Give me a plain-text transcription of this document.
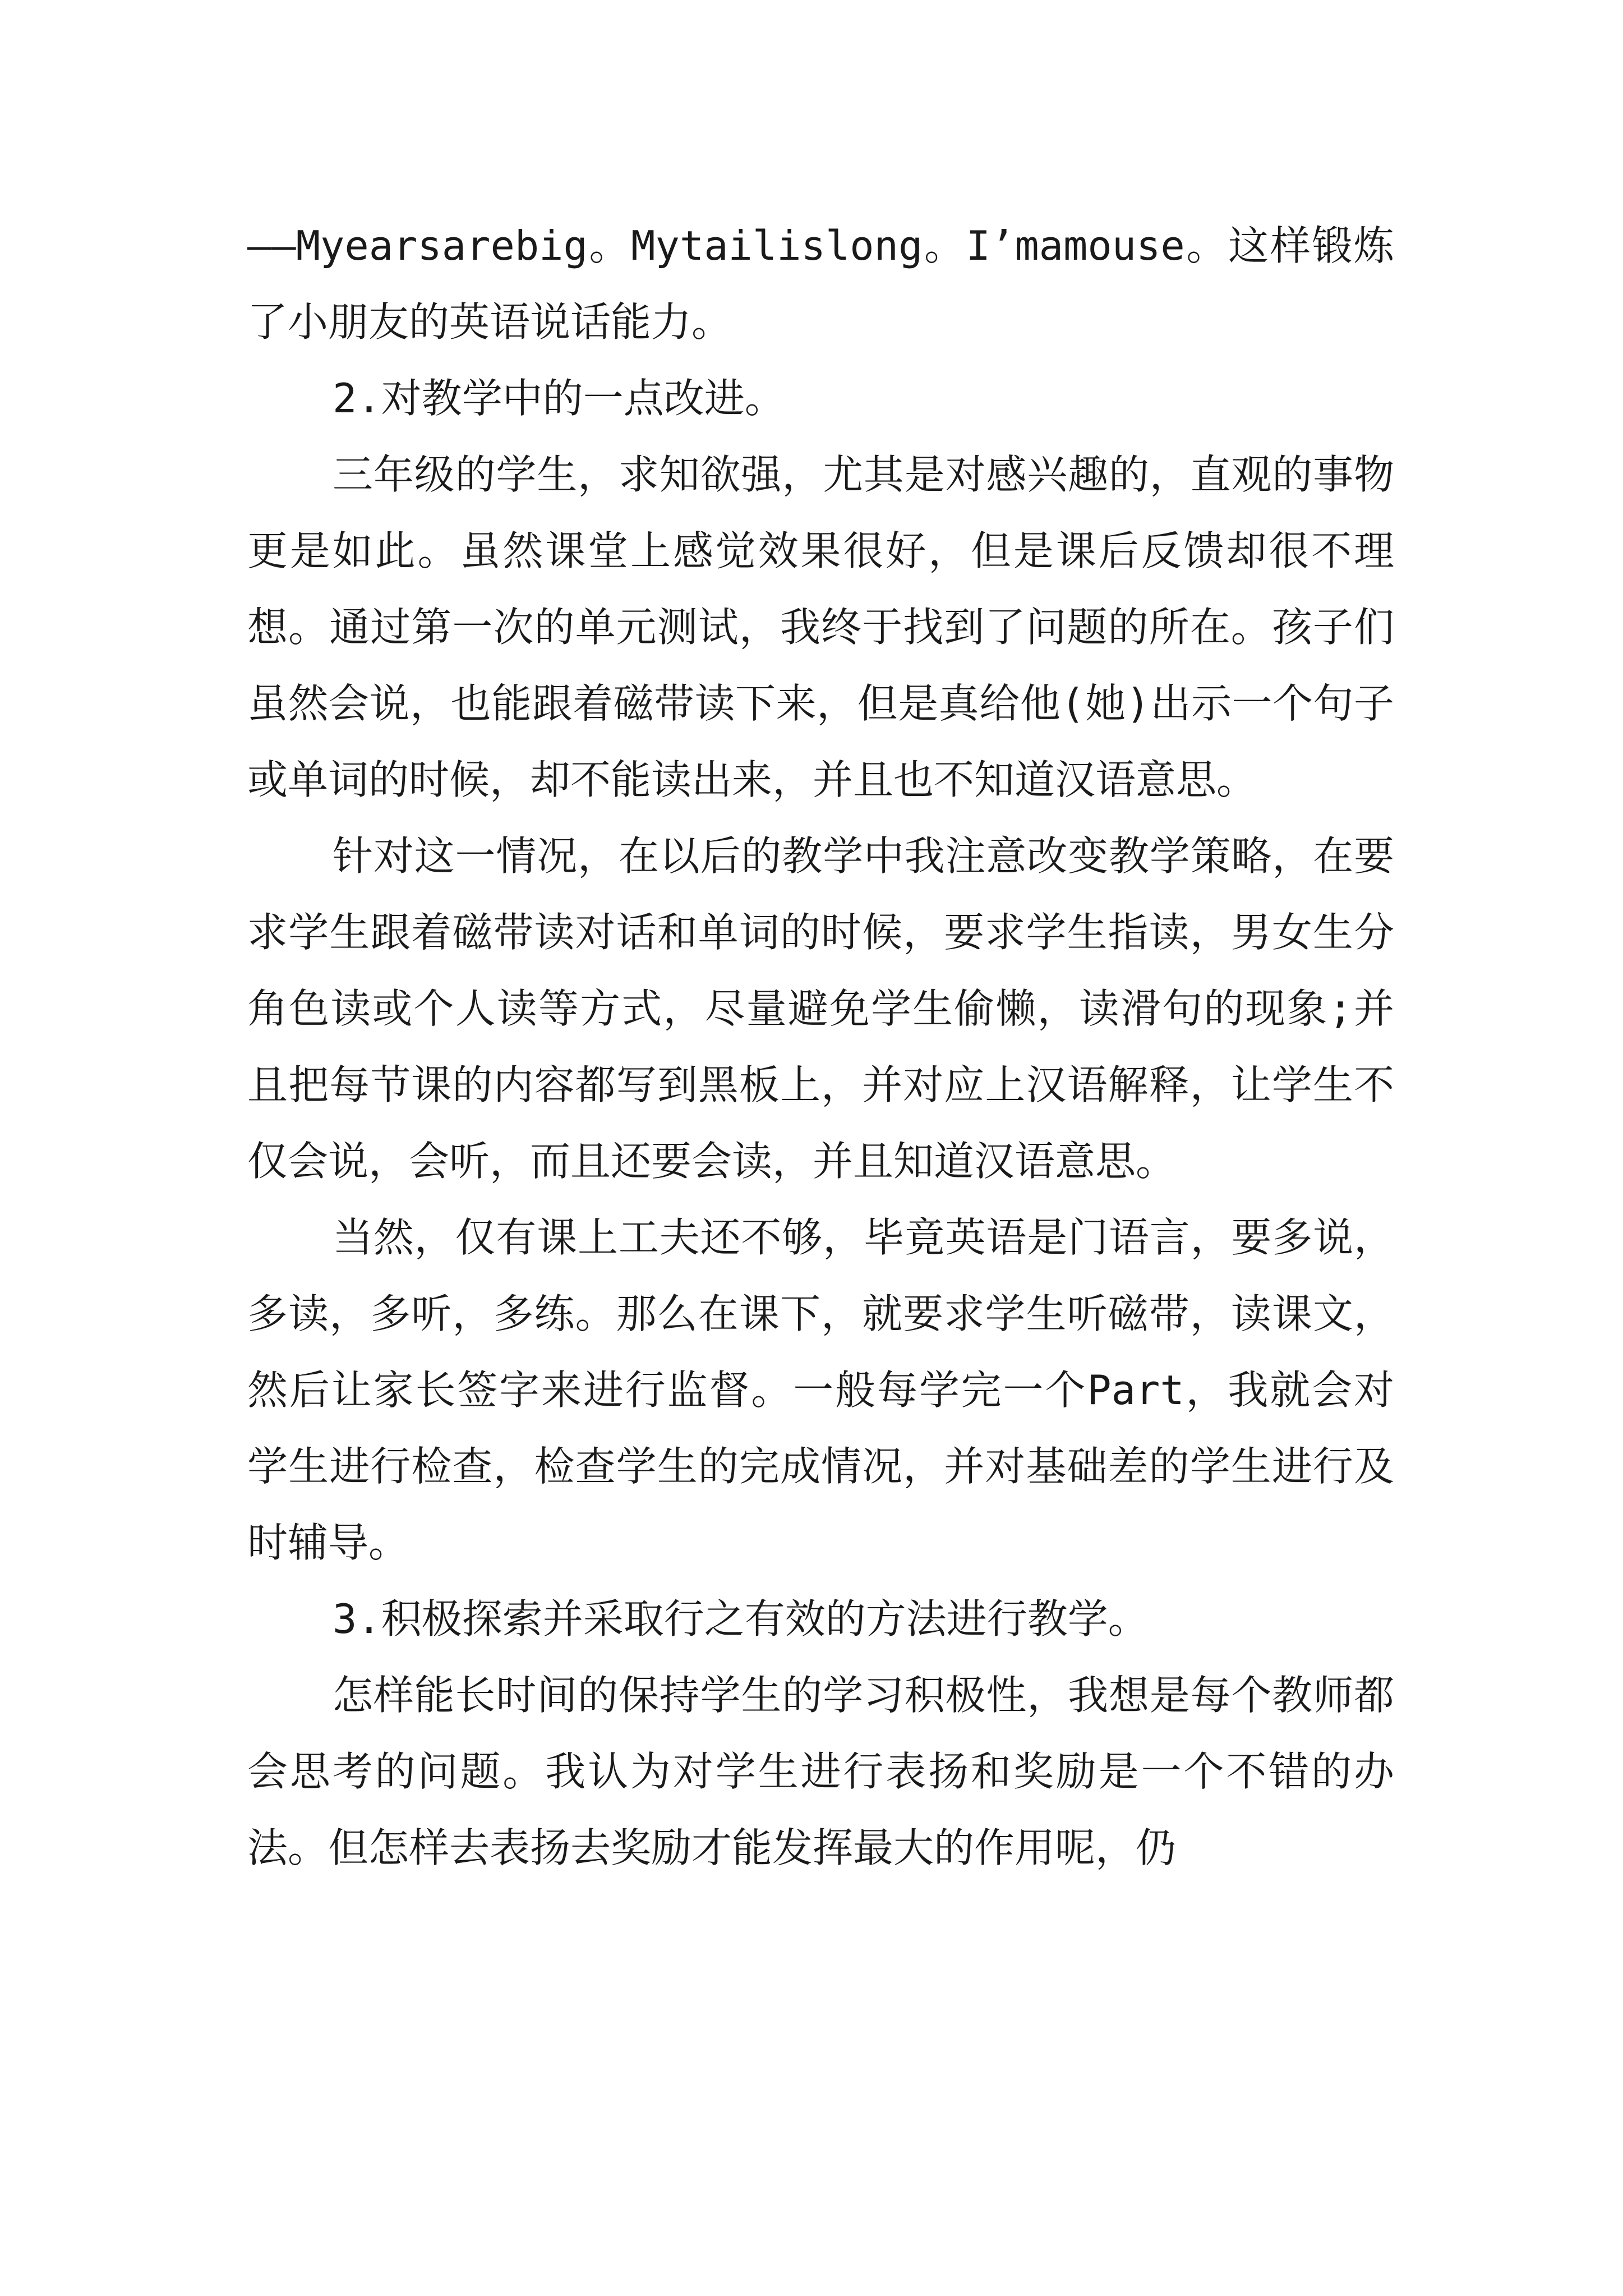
——Myearsarebig。Mytailislong。I’mamouse。这样锻炼了小朋友的英语说话能力。

2.对教学中的一点改进。

三年级的学生，求知欲强，尤其是对感兴趣的，直观的事物更是如此。虽然课堂上感觉效果很好，但是课后反馈却很不理想。通过第一次的单元测试，我终于找到了问题的所在。孩子们虽然会说，也能跟着磁带读下来，但是真给他(她)出示一个句子或单词的时候，却不能读出来，并且也不知道汉语意思。

针对这一情况，在以后的教学中我注意改变教学策略，在要求学生跟着磁带读对话和单词的时候，要求学生指读，男女生分角色读或个人读等方式，尽量避免学生偷懒，读滑句的现象;并且把每节课的内容都写到黑板上，并对应上汉语解释，让学生不仅会说，会听，而且还要会读，并且知道汉语意思。

当然，仅有课上工夫还不够，毕竟英语是门语言，要多说，多读，多听，多练。那么在课下，就要求学生听磁带，读课文，然后让家长签字来进行监督。一般每学完一个Part，我就会对学生进行检查，检查学生的完成情况，并对基础差的学生进行及时辅导。

3.积极探索并采取行之有效的方法进行教学。

怎样能长时间的保持学生的学习积极性，我想是每个教师都会思考的问题。我认为对学生进行表扬和奖励是一个不错的办法。但怎样去表扬去奖励才能发挥最大的作用呢，仍
